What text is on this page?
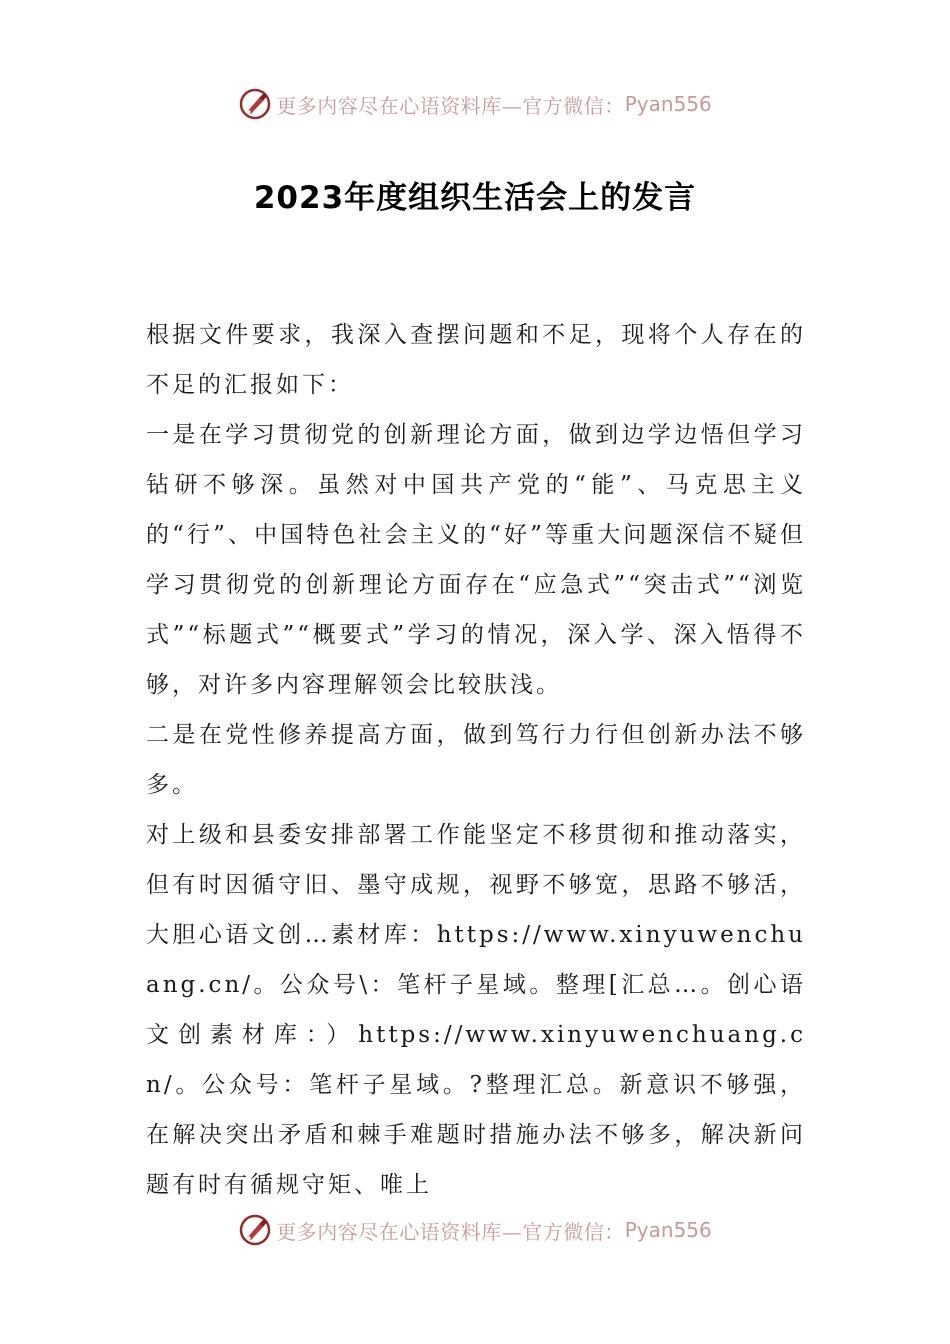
更多内容尽在心语资料库—官方微信： Pyan556
2023年度组织生活会上的发言

根据文件要求，我深入查摆问题和不足，现将个人存在的不足的汇报如下：

一是在学习贯彻党的创新理论方面，做到边学边悟但学习钻研不够深。虽然对中国共产党的“能”、马克思主义的“行”、中国特色社会主义的“好”等重大问题深信不疑但学习贯彻党的创新理论方面存在“应急式”“突击式”“浏览式”“标题式”“概要式”学习的情况，深入学、深入悟得不够，对许多内容理解领会比较肤浅。

二是在党性修养提高方面，做到笃行力行但创新办法不够多。

对上级和县委安排部署工作能坚定不移贯彻和推动落实，但有时因循守旧、墨守成规，视野不够宽，思路不够活，大胆心语文创…素材库：https://www.xinyuwenchuang.cn/。公众号\：笔杆子星域。整理[汇总…。创心语文创素材库：）https://www.xinyuwenchuang.cn/。公众号：笔杆子星域。?整理汇总。新意识不够强，在解决突出矛盾和棘手难题时措施办法不够多，解决新问题有时有循规守矩、唯上

更多内容尽在心语资料库—官方微信： Pyan556
